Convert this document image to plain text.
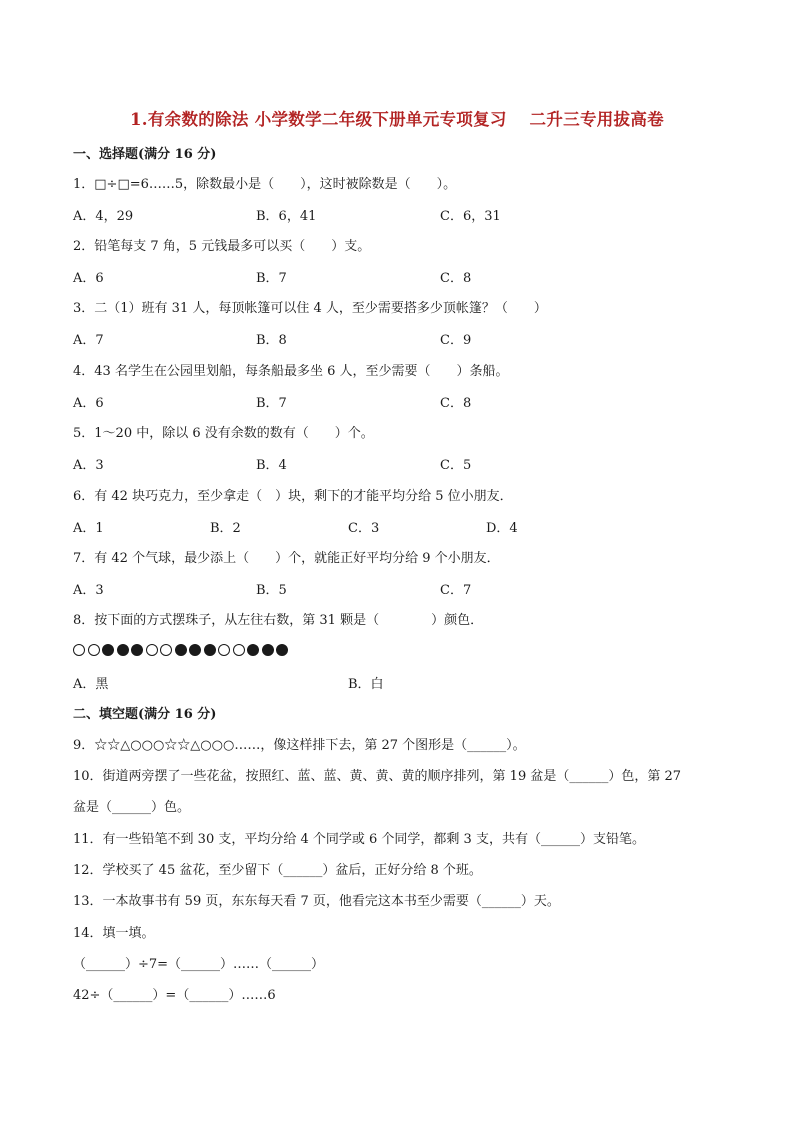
1.有余数的除法 小学数学二年级下册单元专项复习　 二升三专用拔高卷
一、选择题(满分 16 分)
1．□÷□=6……5，除数最小是（　　），这时被除数是（　　）。
A．4，29	B．6，41	C．6，31
2．铅笔每支 7 角，5 元钱最多可以买（　　）支。
A．6	B．7	C．8
3．二（1）班有 31 人，每顶帐篷可以住 4 人，至少需要搭多少顶帐篷？（　　）
A．7	B．8	C．9
4．43 名学生在公园里划船，每条船最多坐 6 人，至少需要（　　）条船。
A．6	B．7	C．8
5．1～20 中，除以 6 没有余数的数有（　　）个。
A．3	B．4	C．5
6．有 42 块巧克力，至少拿走（　）块，剩下的才能平均分给 5 位小朋友．
A．1	B．2	C．3	D．4
7．有 42 个气球，最少添上（　　）个，就能正好平均分给 9 个小朋友．
A．3	B．5	C．7
8．按下面的方式摆珠子，从左往右数，第 31 颗是（　　　　）颜色．
A．黑	B．白
二、填空题(满分 16 分)
9．☆☆△○○○☆☆△○○○……，像这样排下去，第 27 个图形是（______）。
10．街道两旁摆了一些花盆，按照红、蓝、蓝、黄、黄、黄的顺序排列，第 19 盆是（______）色，第 27
盆是（______）色。
11．有一些铅笔不到 30 支，平均分给 4 个同学或 6 个同学，都剩 3 支，共有（______）支铅笔。
12．学校买了 45 盆花，至少留下（______）盆后，正好分给 8 个班。
13．一本故事书有 59 页，东东每天看 7 页，他看完这本书至少需要（______）天。
14．填一填。
（______）÷7=（______）……（______）
42÷（______）=（______）……6
